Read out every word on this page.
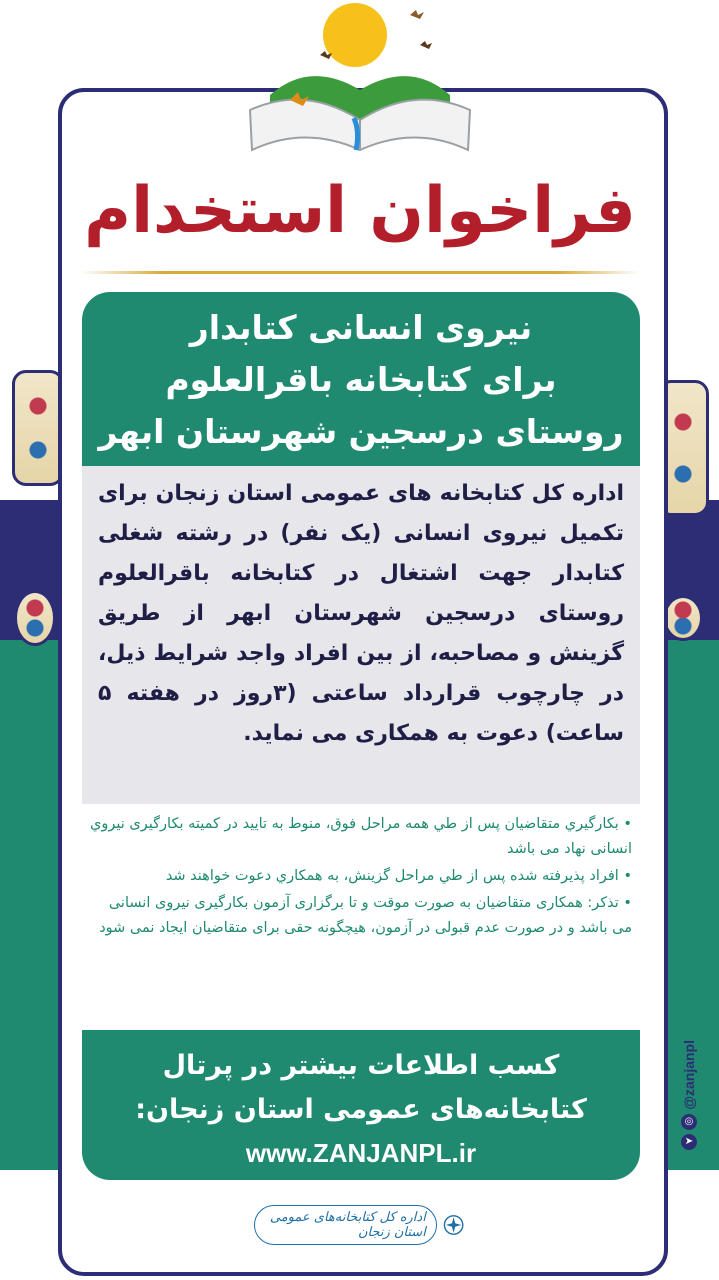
فراخوان استخدام
نیروی انسانی کتابدار
برای کتابخانه باقرالعلوم
روستای درسجین شهرستان ابهر
اداره کل کتابخانه های عمومی استان زنجان برای تکمیل نیروی انسانی (یک نفر) در رشته شغلی کتابدار جهت اشتغال در کتابخانه باقرالعلوم روستای درسجین شهرستان ابهر از طریق گزینش و مصاحبه، از بین افراد واجد شرایط ذیل، در چارچوب قرارداد ساعتی (۳روز در هفته ۵ ساعت) دعوت به همکاری می نماید.
• بکارگیري متقاضیان پس از طي همه مراحل فوق، منوط به تایید در کمیته بکارگیری نیروي انسانی نهاد می باشد
• افراد پذیرفته شده پس از طي مراحل گزینش، به همکاري دعوت خواهند شد
• تذکر: همکاری متقاضیان به صورت موقت و تا برگزاری آزمون بکارگیری نیروی انسانی می باشد و در صورت عدم قبولی در آزمون، هیچگونه حقی برای متقاضیان ایجاد نمی شود
کسب اطلاعات بیشتر در پرتال
کتابخانه‌های عمومی استان زنجان:
www.ZANJANPL.ir
اداره کل کتابخانه‌های عمومی استان زنجان
@zanjanpl
◎
➤
